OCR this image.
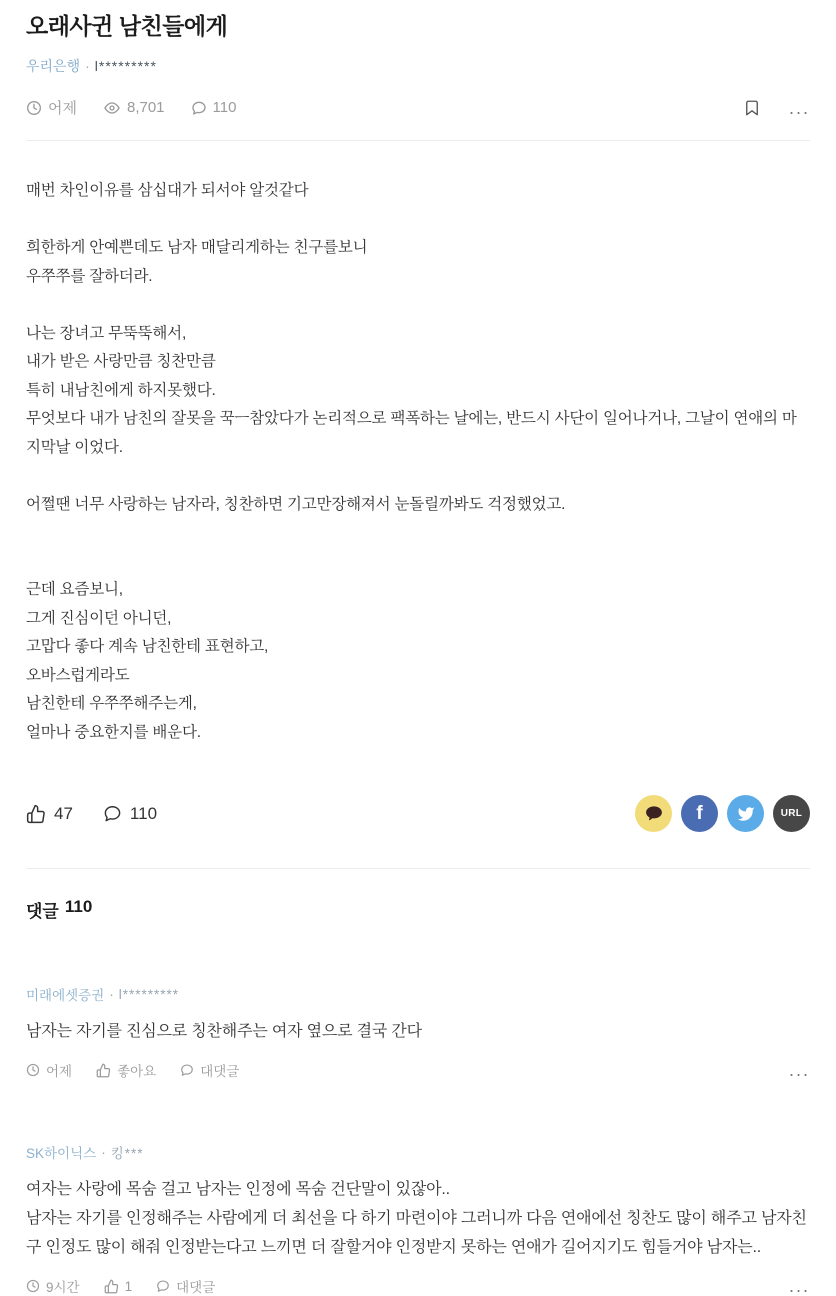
오래사귄 남친들에게
우리은행 · l*********
어제	8,701	110	...

매번 차인이유를 삼십대가 되서야 알것같다

희한하게 안예쁜데도 남자 매달리게하는 친구를보니

우쭈쭈를 잘하더라.

나는 장녀고 무뚝뚝해서,

내가 받은 사랑만큼 칭찬만큼

특히 내남친에게 하지못했다.

무엇보다 내가 남친의 잘못을 꾹ㅡ참았다가 논리적으로 팩폭하는 날에는, 반드시 사단이 일어나거나, 그날이 연애의 마지막날 이었다.

어쩔땐 너무 사랑하는 남자라, 칭찬하면 기고만장해져서 눈돌릴까봐도 걱정했었고.

근데 요즘보니,

그게 진심이던 아니던,

고맙다 좋다 계속 남친한테 표현하고,

오바스럽게라도

남친한테 우쭈쭈해주는게,

얼마나 중요한지를 배운다.

47	110	f	URL
댓글 110
미래에셋증권 · l*********

남자는 자기를 진심으로 칭찬해주는 여자 옆으로 결국 간다

어제	좋아요	대댓글	...
SK하이닉스 · 킹***

여자는 사랑에 목숨 걸고 남자는 인정에 목숨 건단말이 있잖아..

남자는 자기를 인정해주는 사람에게 더 최선을 다 하기 마련이야 그러니까 다음 연애에선 칭찬도 많이 해주고 남자친구 인정도 많이 해줘 인정받는다고 느끼면 더 잘할거야 인정받지 못하는 연애가 길어지기도 힘들거야 남자는..

9시간	1	대댓글	...
